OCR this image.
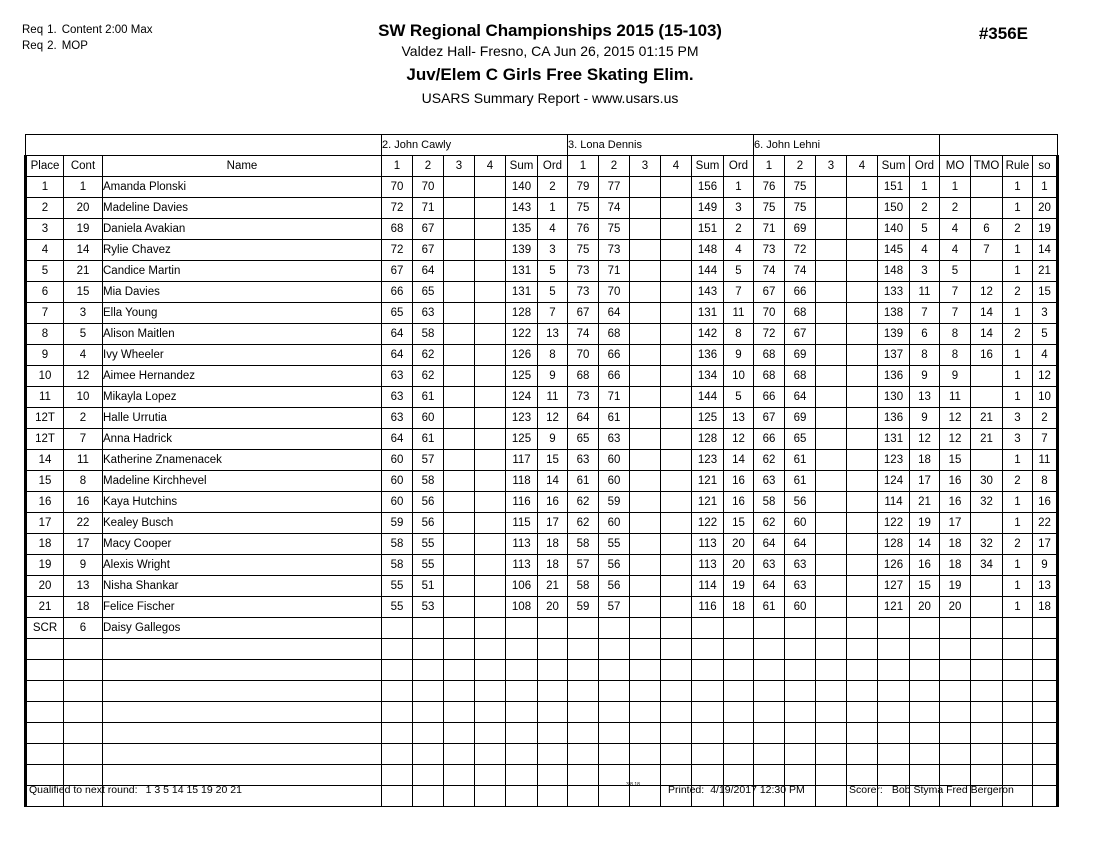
Req 1. Content 2:00 Max
Req 2. MOP
SW Regional Championships 2015 (15-103)
Valdez Hall- Fresno, CA Jun 26, 2015 01:15 PM
Juv/Elem C Girls Free Skating Elim.
USARS Summary Report - www.usars.us
#356E
			2. John Cawly						3. Lona Dennis						6. John Lehni									
Place	Cont	Name	1	2	3	4	Sum	Ord	1	2	3	4	Sum	Ord	1	2	3	4	Sum	Ord	MO	TMO	Rule	so
1	1	Amanda Plonski	70	70			140	2	79	77			156	1	76	75			151	1	1		1	1
2	20	Madeline Davies	72	71			143	1	75	74			149	3	75	75			150	2	2		1	20
3	19	Daniela Avakian	68	67			135	4	76	75			151	2	71	69			140	5	4	6	2	19
4	14	Rylie Chavez	72	67			139	3	75	73			148	4	73	72			145	4	4	7	1	14
5	21	Candice Martin	67	64			131	5	73	71			144	5	74	74			148	3	5		1	21
6	15	Mia Davies	66	65			131	5	73	70			143	7	67	66			133	11	7	12	2	15
7	3	Ella Young	65	63			128	7	67	64			131	11	70	68			138	7	7	14	1	3
8	5	Alison Maitlen	64	58			122	13	74	68			142	8	72	67			139	6	8	14	2	5
9	4	Ivy Wheeler	64	62			126	8	70	66			136	9	68	69			137	8	8	16	1	4
10	12	Aimee Hernandez	63	62			125	9	68	66			134	10	68	68			136	9	9		1	12
11	10	Mikayla Lopez	63	61			124	11	73	71			144	5	66	64			130	13	11		1	10
12T	2	Halle Urrutia	63	60			123	12	64	61			125	13	67	69			136	9	12	21	3	2
12T	7	Anna Hadrick	64	61			125	9	65	63			128	12	66	65			131	12	12	21	3	7
14	11	Katherine Znamenacek	60	57			117	15	63	60			123	14	62	61			123	18	15		1	11
15	8	Madeline Kirchhevel	60	58			118	14	61	60			121	16	63	61			124	17	16	30	2	8
16	16	Kaya Hutchins	60	56			116	16	62	59			121	16	58	56			114	21	16	32	1	16
17	22	Kealey Busch	59	56			115	17	62	60			122	15	62	60			122	19	17		1	22
18	17	Macy Cooper	58	55			113	18	58	55			113	20	64	64			128	14	18	32	2	17
19	9	Alexis Wright	58	55			113	18	57	56			113	20	63	63			126	16	18	34	1	9
20	13	Nisha Shankar	55	51			106	21	58	56			114	19	64	63			127	15	19		1	13
21	18	Felice Fischer	55	53			108	20	59	57			116	18	61	60			121	20	20		1	18
SCR	6	Daisy Gallegos																						

Qualified to next round: 1 3 5 14 15 19 20 21	3.8.18	Printed: 4/19/2017 12:30 PM	Scorer: Bob Styma Fred Bergeron
